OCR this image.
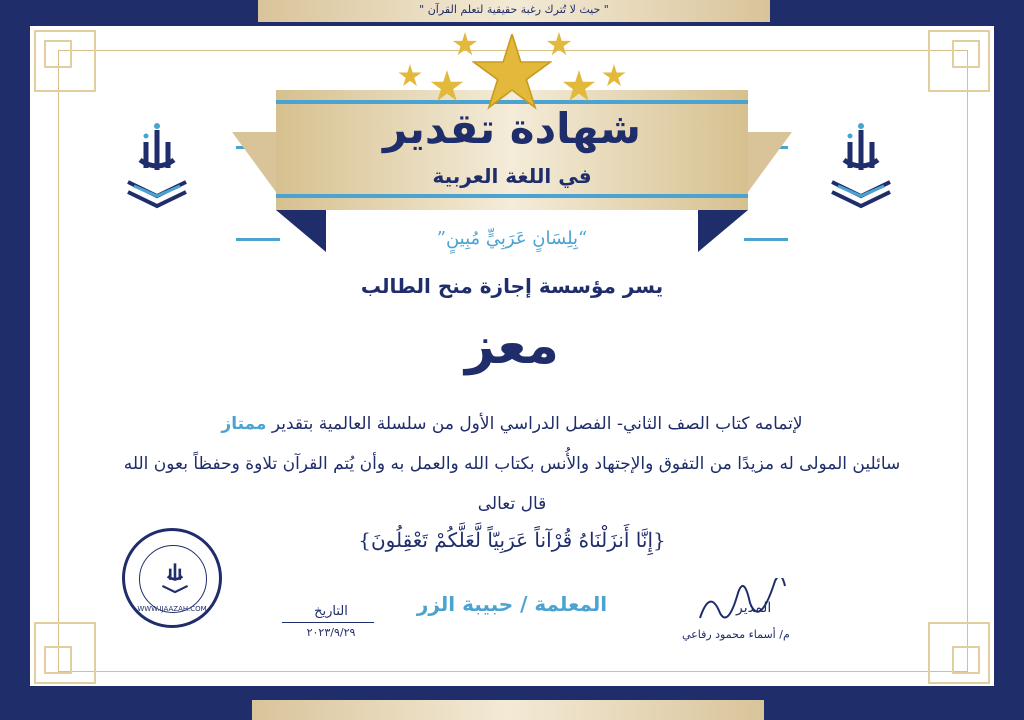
" حيث لا تُترك رغبة حقيقية لتعلم القرآن "
شهادة تقدير
في اللغة العربية
“بِلِسَانٍ عَرَبِيٍّ مُبِينٍ”
يسر مؤسسة إجازة منح الطالب
معز
لإتمامه كتاب الصف الثاني- الفصل الدراسي الأول من سلسلة العالمية بتقدير ممتاز
سائلين المولى له مزيدًا من التفوق والإجتهاد والأُنس بكتاب الله والعمل به وأن يُتم القرآن تلاوة وحفظاً بعون الله
قال تعالى
{إِنَّا أَنزَلْنَاهُ قُرْآناً عَرَبِيّاً لَّعَلَّكُمْ تَعْقِلُونَ}
WWW.IJAAZAH.COM	التاريخ
٢٠٢٣/٩/٢٩
المعلمة / حبيبة الزر	المدير
م/ أسماء محمود رفاعي
